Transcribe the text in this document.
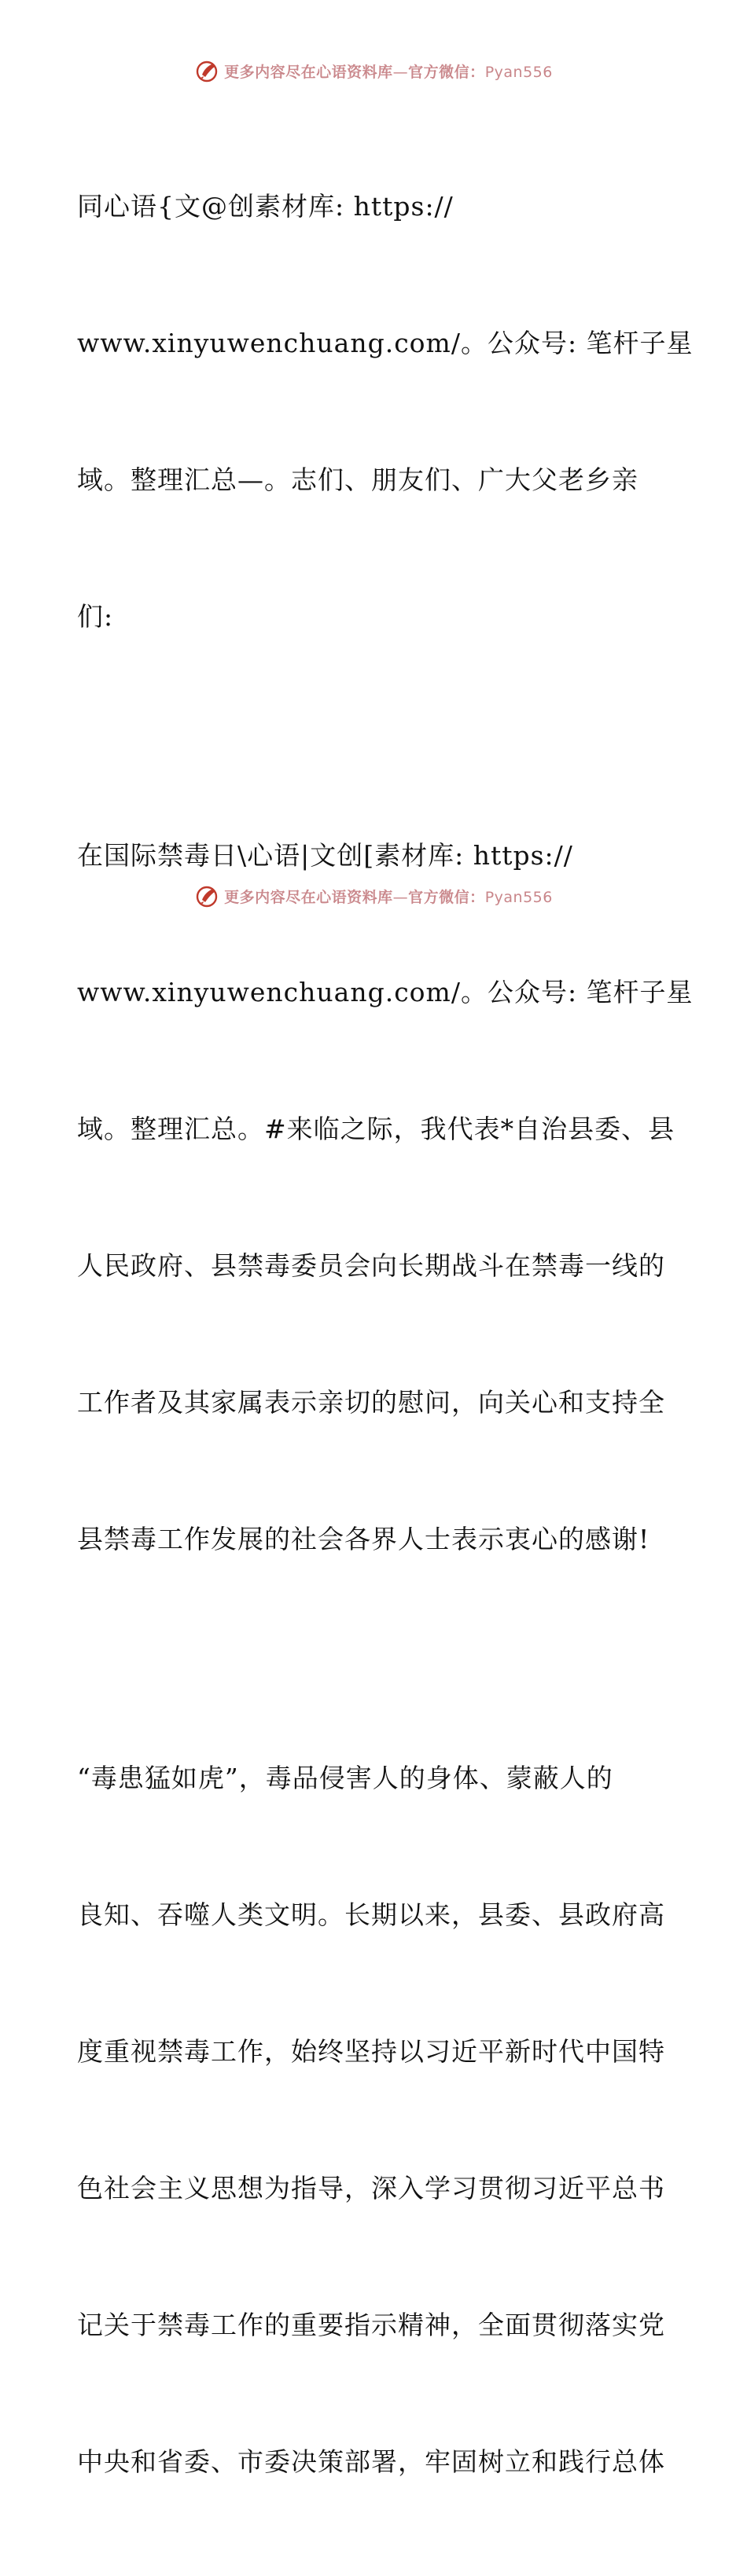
更多内容尽在心语资料库—官方微信：Pyan556

同心语{文@创素材库: https://

www.xinyuwenchuang.com/。公众号: 笔杆子星

域。整理汇总—。志们、朋友们、广大父老乡亲

们:

在国际禁毒日\心语|文创[素材库: https://

www.xinyuwenchuang.com/。公众号: 笔杆子星

域。整理汇总。#来临之际，我代表*自治县委、县

人民政府、县禁毒委员会向长期战斗在禁毒一线的

工作者及其家属表示亲切的慰问，向关心和支持全

县禁毒工作发展的社会各界人士表示衷心的感谢!

“毒患猛如虎”，毒品侵害人的身体、蒙蔽人的

良知、吞噬人类文明。长期以来，县委、县政府高

度重视禁毒工作，始终坚持以习近平新时代中国特

色社会主义思想为指导，深入学习贯彻习近平总书

记关于禁毒工作的重要指示精神，全面贯彻落实党

中央和省委、市委决策部署，牢固树立和践行总体

更多内容尽在心语资料库—官方微信：Pyan556
